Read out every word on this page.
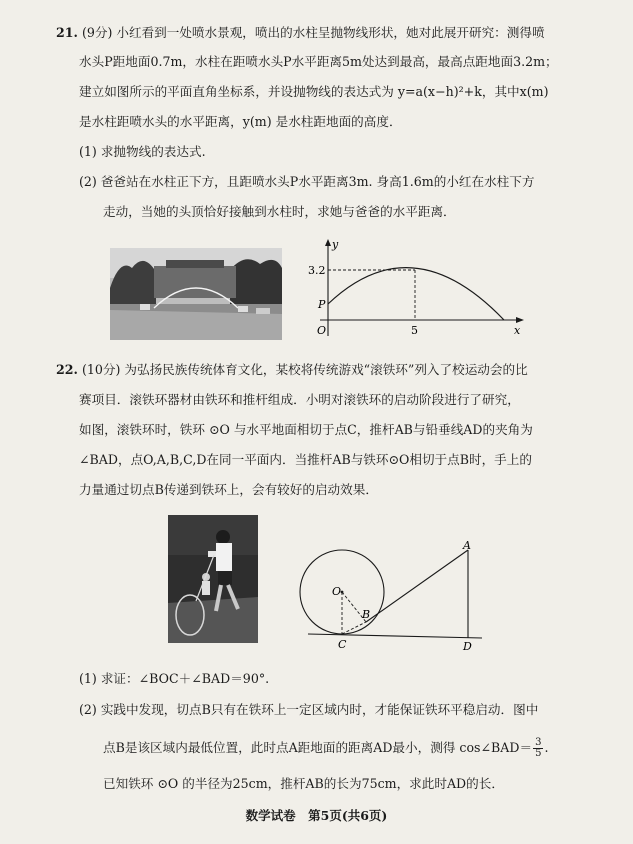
21. (9分) 小红看到一处喷水景观，喷出的水柱呈抛物线形状，她对此展开研究：测得喷
水头P距地面0.7m，水柱在距喷水头P水平距离5m处达到最高，最高点距地面3.2m；
建立如图所示的平面直角坐标系，并设抛物线的表达式为 y=a(x−h)²+k，其中x(m)
是水柱距喷水头的水平距离，y(m) 是水柱距地面的高度．
(1) 求抛物线的表达式.
(2) 爸爸站在水柱正下方，且距喷水头P水平距离3m. 身高1.6m的小红在水柱下方
走动，当她的头顶恰好接触到水柱时，求她与爸爸的水平距离．
y
x
O
P
3.2
5
22. (10分) 为弘扬民族传统体育文化，某校将传统游戏“滚铁环”列入了校运动会的比
赛项目．滚铁环器材由铁环和推杆组成．小明对滚铁环的启动阶段进行了研究，
如图，滚铁环时，铁环 ⊙O 与水平地面相切于点C，推杆AB与铅垂线AD的夹角为
∠BAD，点O,A,B,C,D在同一平面内．当推杆AB与铁环⊙O相切于点B时，手上的
力量通过切点B传递到铁环上，会有较好的启动效果．
O
B
C	D
A
(1) 求证：∠BOC＋∠BAD＝90°.
(2) 实践中发现，切点B只有在铁环上一定区域内时，才能保证铁环平稳启动．图中
点B是该区域内最低位置，此时点A距地面的距离AD最小，测得 cos∠BAD＝ $\frac{3}{5}$ .
已知铁环 ⊙O 的半径为25cm，推杆AB的长为75cm，求此时AD的长．
数学试卷　第5页(共6页)
